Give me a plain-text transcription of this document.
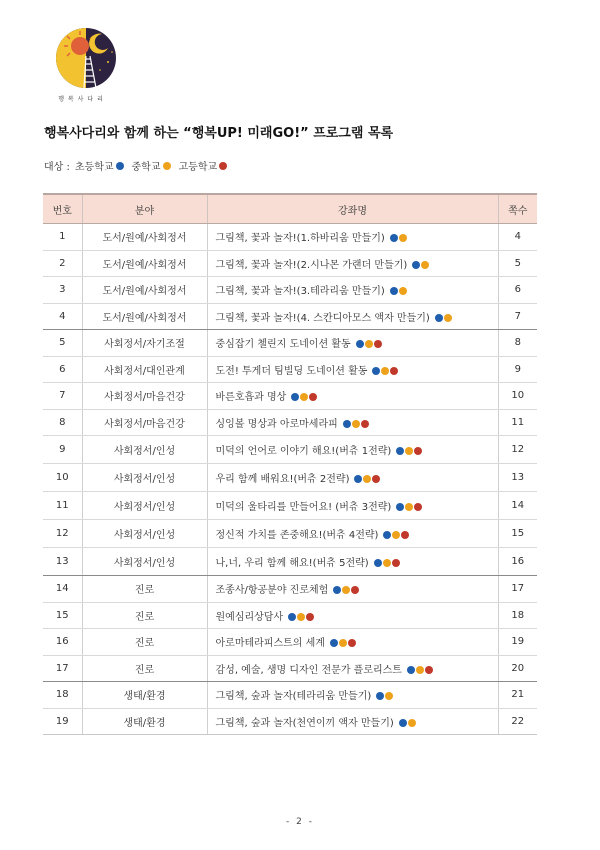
행 복 사 다 리
행복사다리와 함께 하는 “행복UP! 미래GO!” 프로그램 목록
대상 : 초등학교 중학교 고등학교
번호	분야	강좌명	쪽수
1	도서/원예/사회정서	그림책, 꽃과 놀자!(1.하바리움 만들기)	4
2	도서/원예/사회정서	그림책, 꽃과 놀자!(2.시나몬 가랜더 만들기)	5
3	도서/원예/사회정서	그림책, 꽃과 놀자!(3.테라리움 만들기)	6
4	도서/원예/사회정서	그림책, 꽃과 놀자!(4. 스칸디아모스 액자 만들기)	7
5	사회정서/자기조절	중심잡기 첼린지 도네이션 활동	8
6	사회정서/대인관계	도전! 투게더 팀빌딩 도네이션 활동	9
7	사회정서/마음건강	바른호흡과 명상	10
8	사회정서/마음건강	싱잉볼 명상과 아로마세라피	11
9	사회정서/인성	미덕의 언어로 이야기 해요!(버츄 1전략)	12
10	사회정서/인성	우리 함께 배워요!(버츄 2전략)	13
11	사회정서/인성	미덕의 울타리를 만들어요! (버츄 3전략)	14
12	사회정서/인성	정신적 가치를 존중해요!(버츄 4전략)	15
13	사회정서/인성	나,너, 우리 함께 해요!(버츄 5전략)	16
14	진로	조종사/항공분야 진로체험	17
15	진로	원예심리상담사	18
16	진로	아로마테라피스트의 세계	19
17	진로	감성, 예술, 생명 디자인 전문가 플로리스트	20
18	생태/환경	그림책, 숲과 놀자(테라리움 만들기)	21
19	생태/환경	그림책, 숲과 놀자(천연이끼 액자 만들기)	22
- 2 -
